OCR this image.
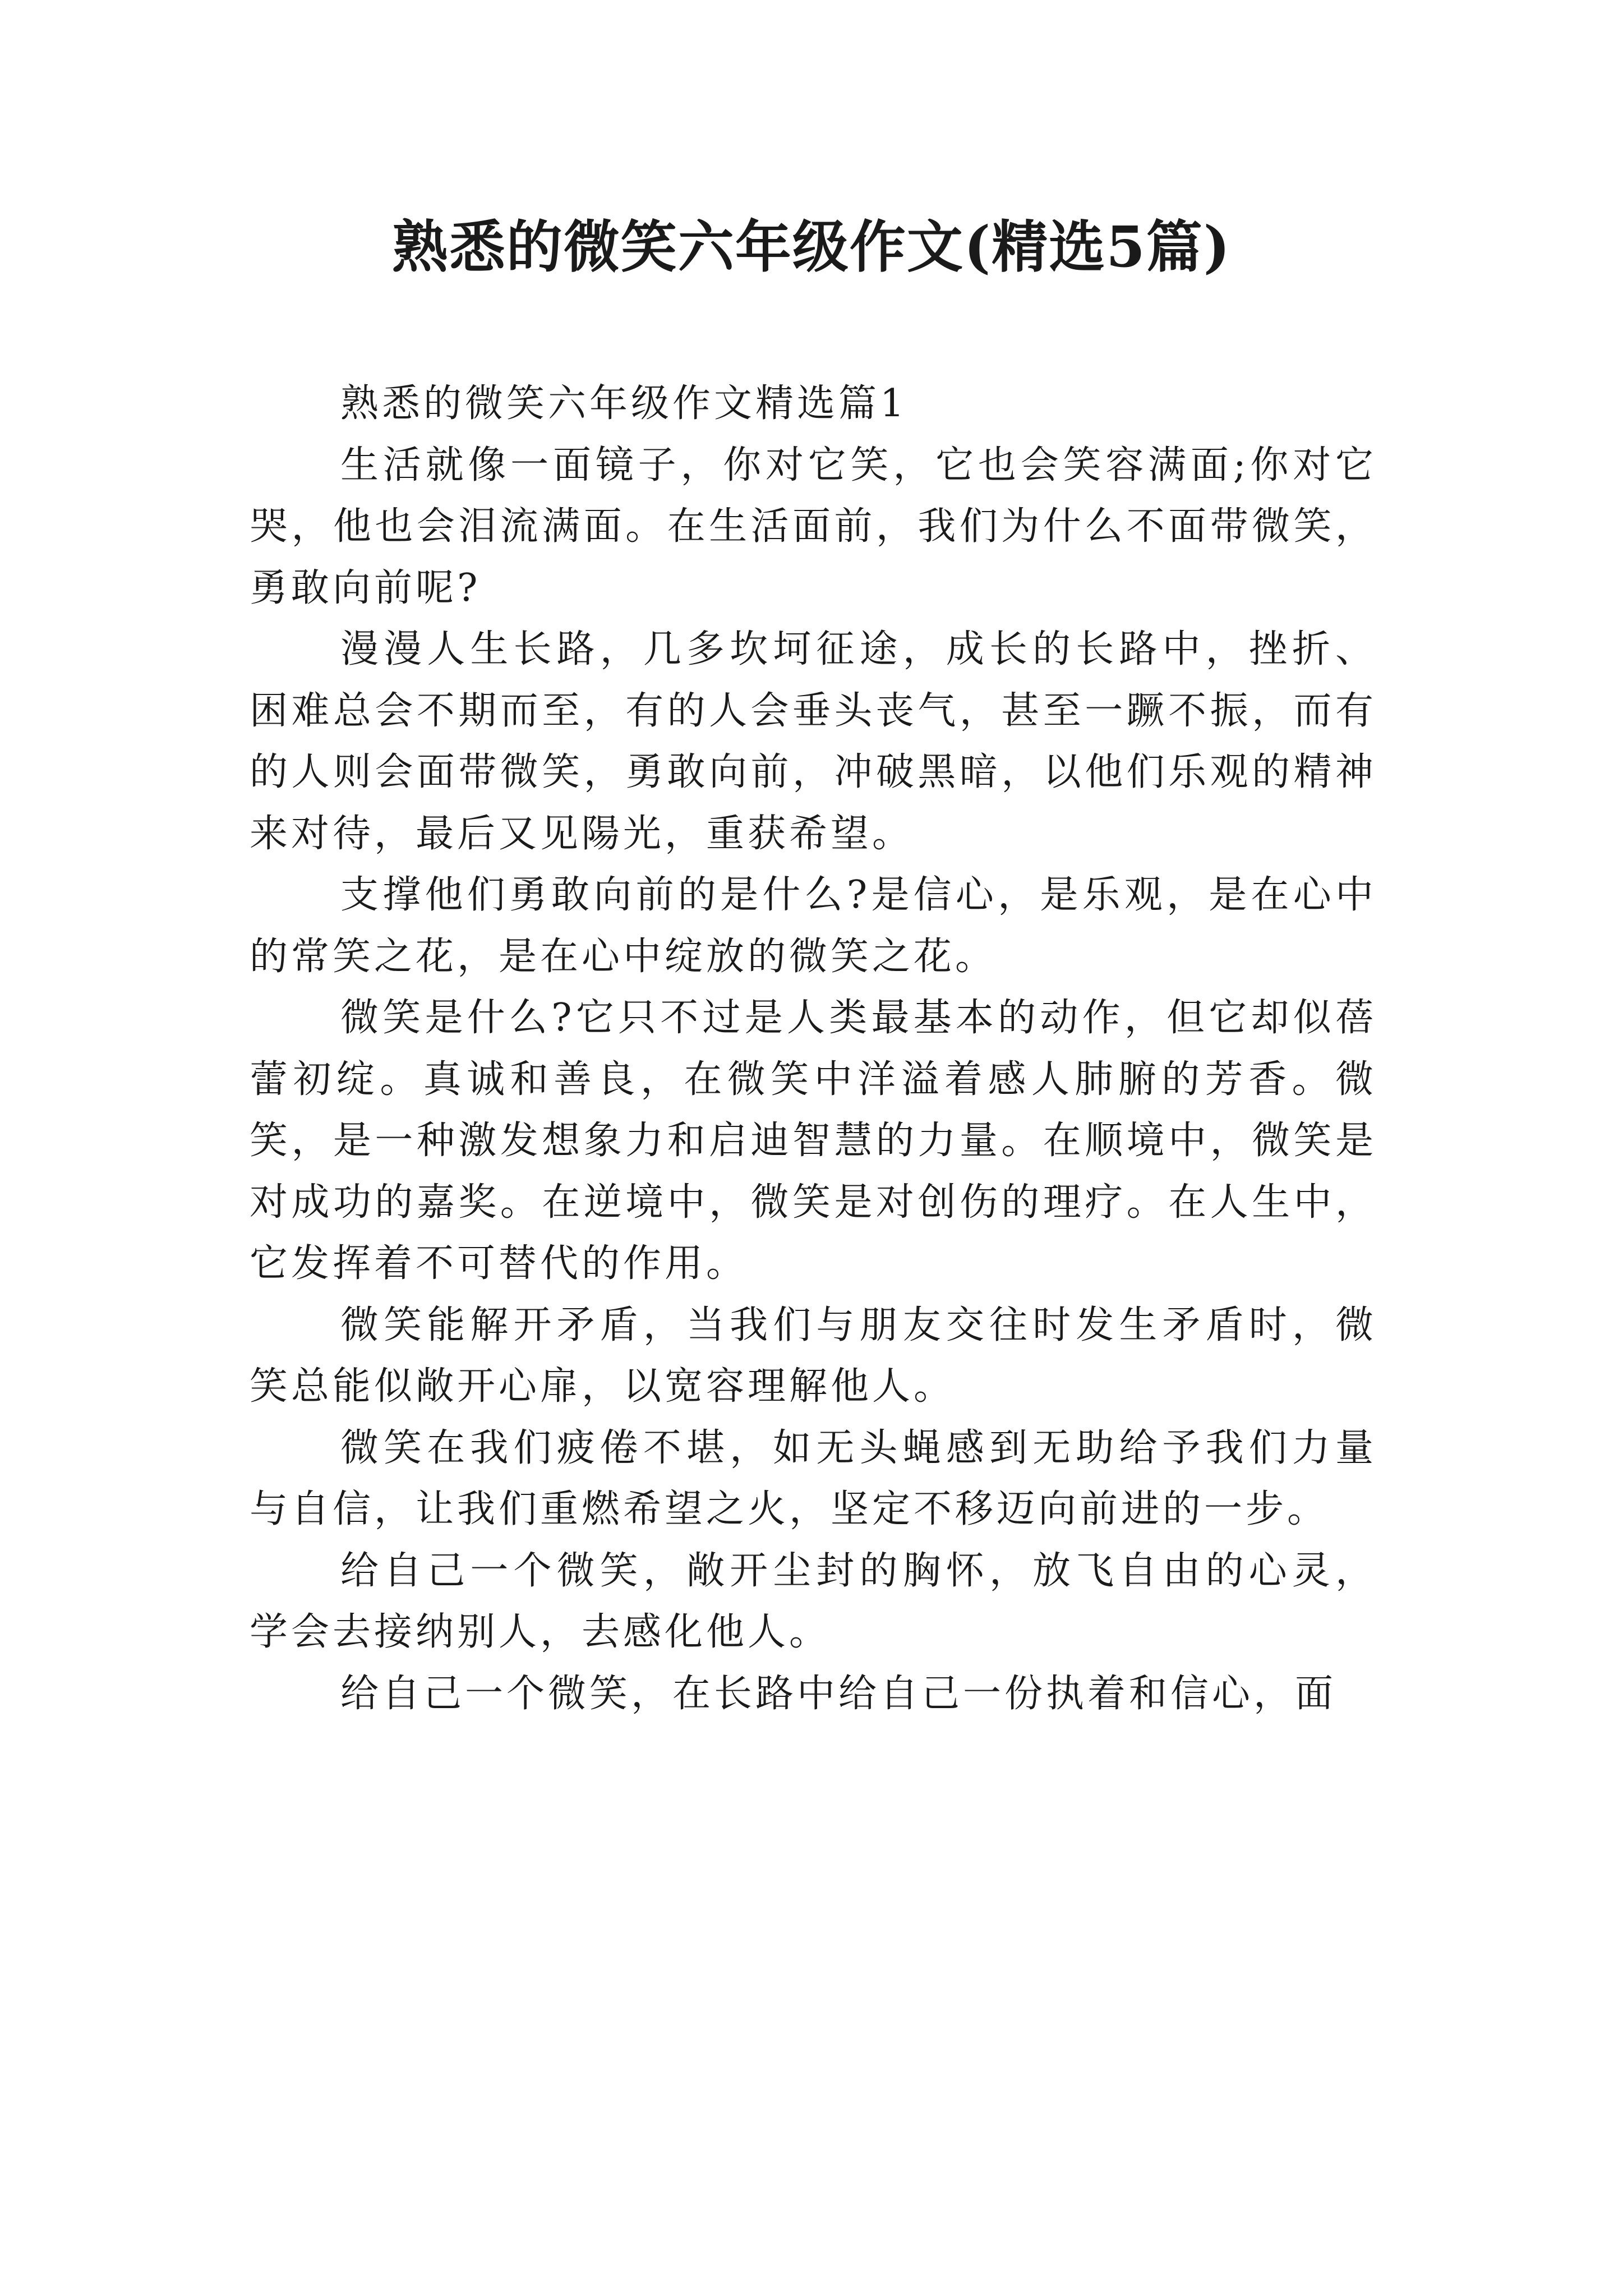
熟悉的微笑六年级作文(精选5篇)

熟悉的微笑六年级作文精选篇1

生活就像一面镜子，你对它笑，它也会笑容满面;你对它哭，他也会泪流满面。在生活面前，我们为什么不面带微笑，勇敢向前呢?

漫漫人生长路，几多坎坷征途，成长的长路中，挫折、困难总会不期而至，有的人会垂头丧气，甚至一蹶不振，而有的人则会面带微笑，勇敢向前，冲破黑暗，以他们乐观的精神来对待，最后又见陽光，重获希望。

支撑他们勇敢向前的是什么?是信心，是乐观，是在心中的常笑之花，是在心中绽放的微笑之花。

微笑是什么?它只不过是人类最基本的动作，但它却似蓓蕾初绽。真诚和善良，在微笑中洋溢着感人肺腑的芳香。微笑，是一种激发想象力和启迪智慧的力量。在顺境中，微笑是对成功的嘉奖。在逆境中，微笑是对创伤的理疗。在人生中，它发挥着不可替代的作用。

微笑能解开矛盾，当我们与朋友交往时发生矛盾时，微笑总能似敞开心扉，以宽容理解他人。

微笑在我们疲倦不堪，如无头蝇感到无助给予我们力量与自信，让我们重燃希望之火，坚定不移迈向前进的一步。

给自己一个微笑，敞开尘封的胸怀，放飞自由的心灵，学会去接纳别人，去感化他人。

给自己一个微笑，在长路中给自己一份执着和信心，面
